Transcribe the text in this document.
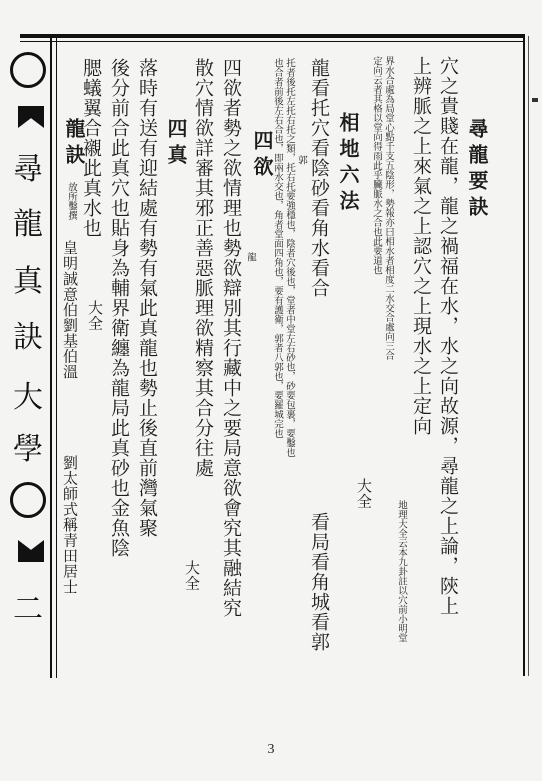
尋
龍
真
訣
大
學
二
尋龍要訣
穴之貴賤在龍，龍之禍福在水，水之向故源，尋龍之上論，陝上
上辨脈之上來氣之上認穴之上現水之上定向
地理大全云本九卦註以穴前小明堂
界水合處為局堂心點千支五陰形，勢報亦曰相水者相度二水交合處向三合
定向云者其格以堂向得雨此乎臟脈水之合也此要道也
大全
相地六法
龍看托穴看陰砂看角水看合
看局看角城看郭
郭
托者後托左托右托之類，托右托要強穩也，陰者穴後也，堂者中堂左右砂也，砂要包裹，要鑿也
也合者前後左右合也，即兩水交也，角者堂面四角也，要有護衛，郭者八郭也，要羅城完也
四欲
四欲者勢之欲情理也勢欲辯別其行藏中之要局意欲會究其融結究 龍
散穴情欲詳審其邪正善惡脈理欲精察其合分往處
大全
四真
落時有送有迎結處有勢有氣此真龍也勢止後直前灣氣聚
後分前合此真穴也貼身為輔界衛纏為龍局此真砂也金魚陰
腮蟻翼合襯此真水也
大全
龍訣
放所鑿撰
皇明誠意伯劉基伯溫
劉太師式稱青田居士
3
